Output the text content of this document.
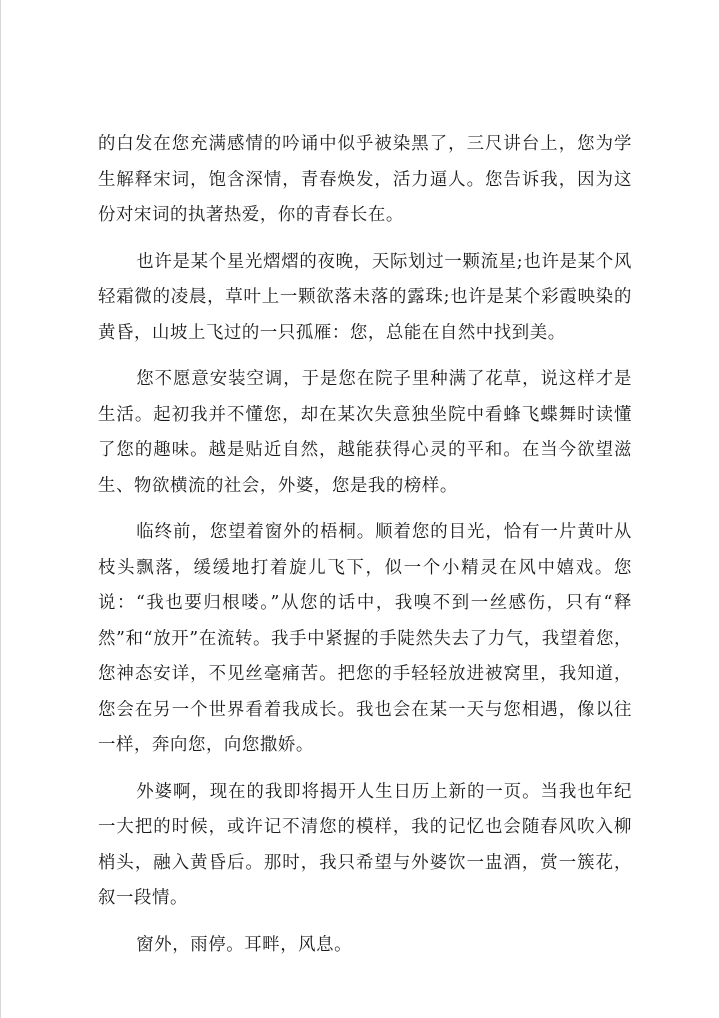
的白发在您充满感情的吟诵中似乎被染黑了，三尺讲台上，您为学生解释宋词，饱含深情，青春焕发，活力逼人。您告诉我，因为这份对宋词的执著热爱，你的青春长在。

也许是某个星光熠熠的夜晚，天际划过一颗流星;也许是某个风轻霜微的凌晨，草叶上一颗欲落未落的露珠;也许是某个彩霞映染的黄昏，山坡上飞过的一只孤雁：您，总能在自然中找到美。

您不愿意安装空调，于是您在院子里种满了花草，说这样才是生活。起初我并不懂您，却在某次失意独坐院中看蜂飞蝶舞时读懂了您的趣味。越是贴近自然，越能获得心灵的平和。在当今欲望滋生、物欲横流的社会，外婆，您是我的榜样。

临终前，您望着窗外的梧桐。顺着您的目光，恰有一片黄叶从枝头飘落，缓缓地打着旋儿飞下，似一个小精灵在风中嬉戏。您说：“我也要归根喽。”从您的话中，我嗅不到一丝感伤，只有“释然”和“放开”在流转。我手中紧握的手陡然失去了力气，我望着您，您神态安详，不见丝毫痛苦。把您的手轻轻放进被窝里，我知道，您会在另一个世界看着我成长。我也会在某一天与您相遇，像以往一样，奔向您，向您撒娇。

外婆啊，现在的我即将揭开人生日历上新的一页。当我也年纪一大把的时候，或许记不清您的模样，我的记忆也会随春风吹入柳梢头，融入黄昏后。那时，我只希望与外婆饮一盅酒，赏一簇花，叙一段情。

窗外，雨停。耳畔，风息。
